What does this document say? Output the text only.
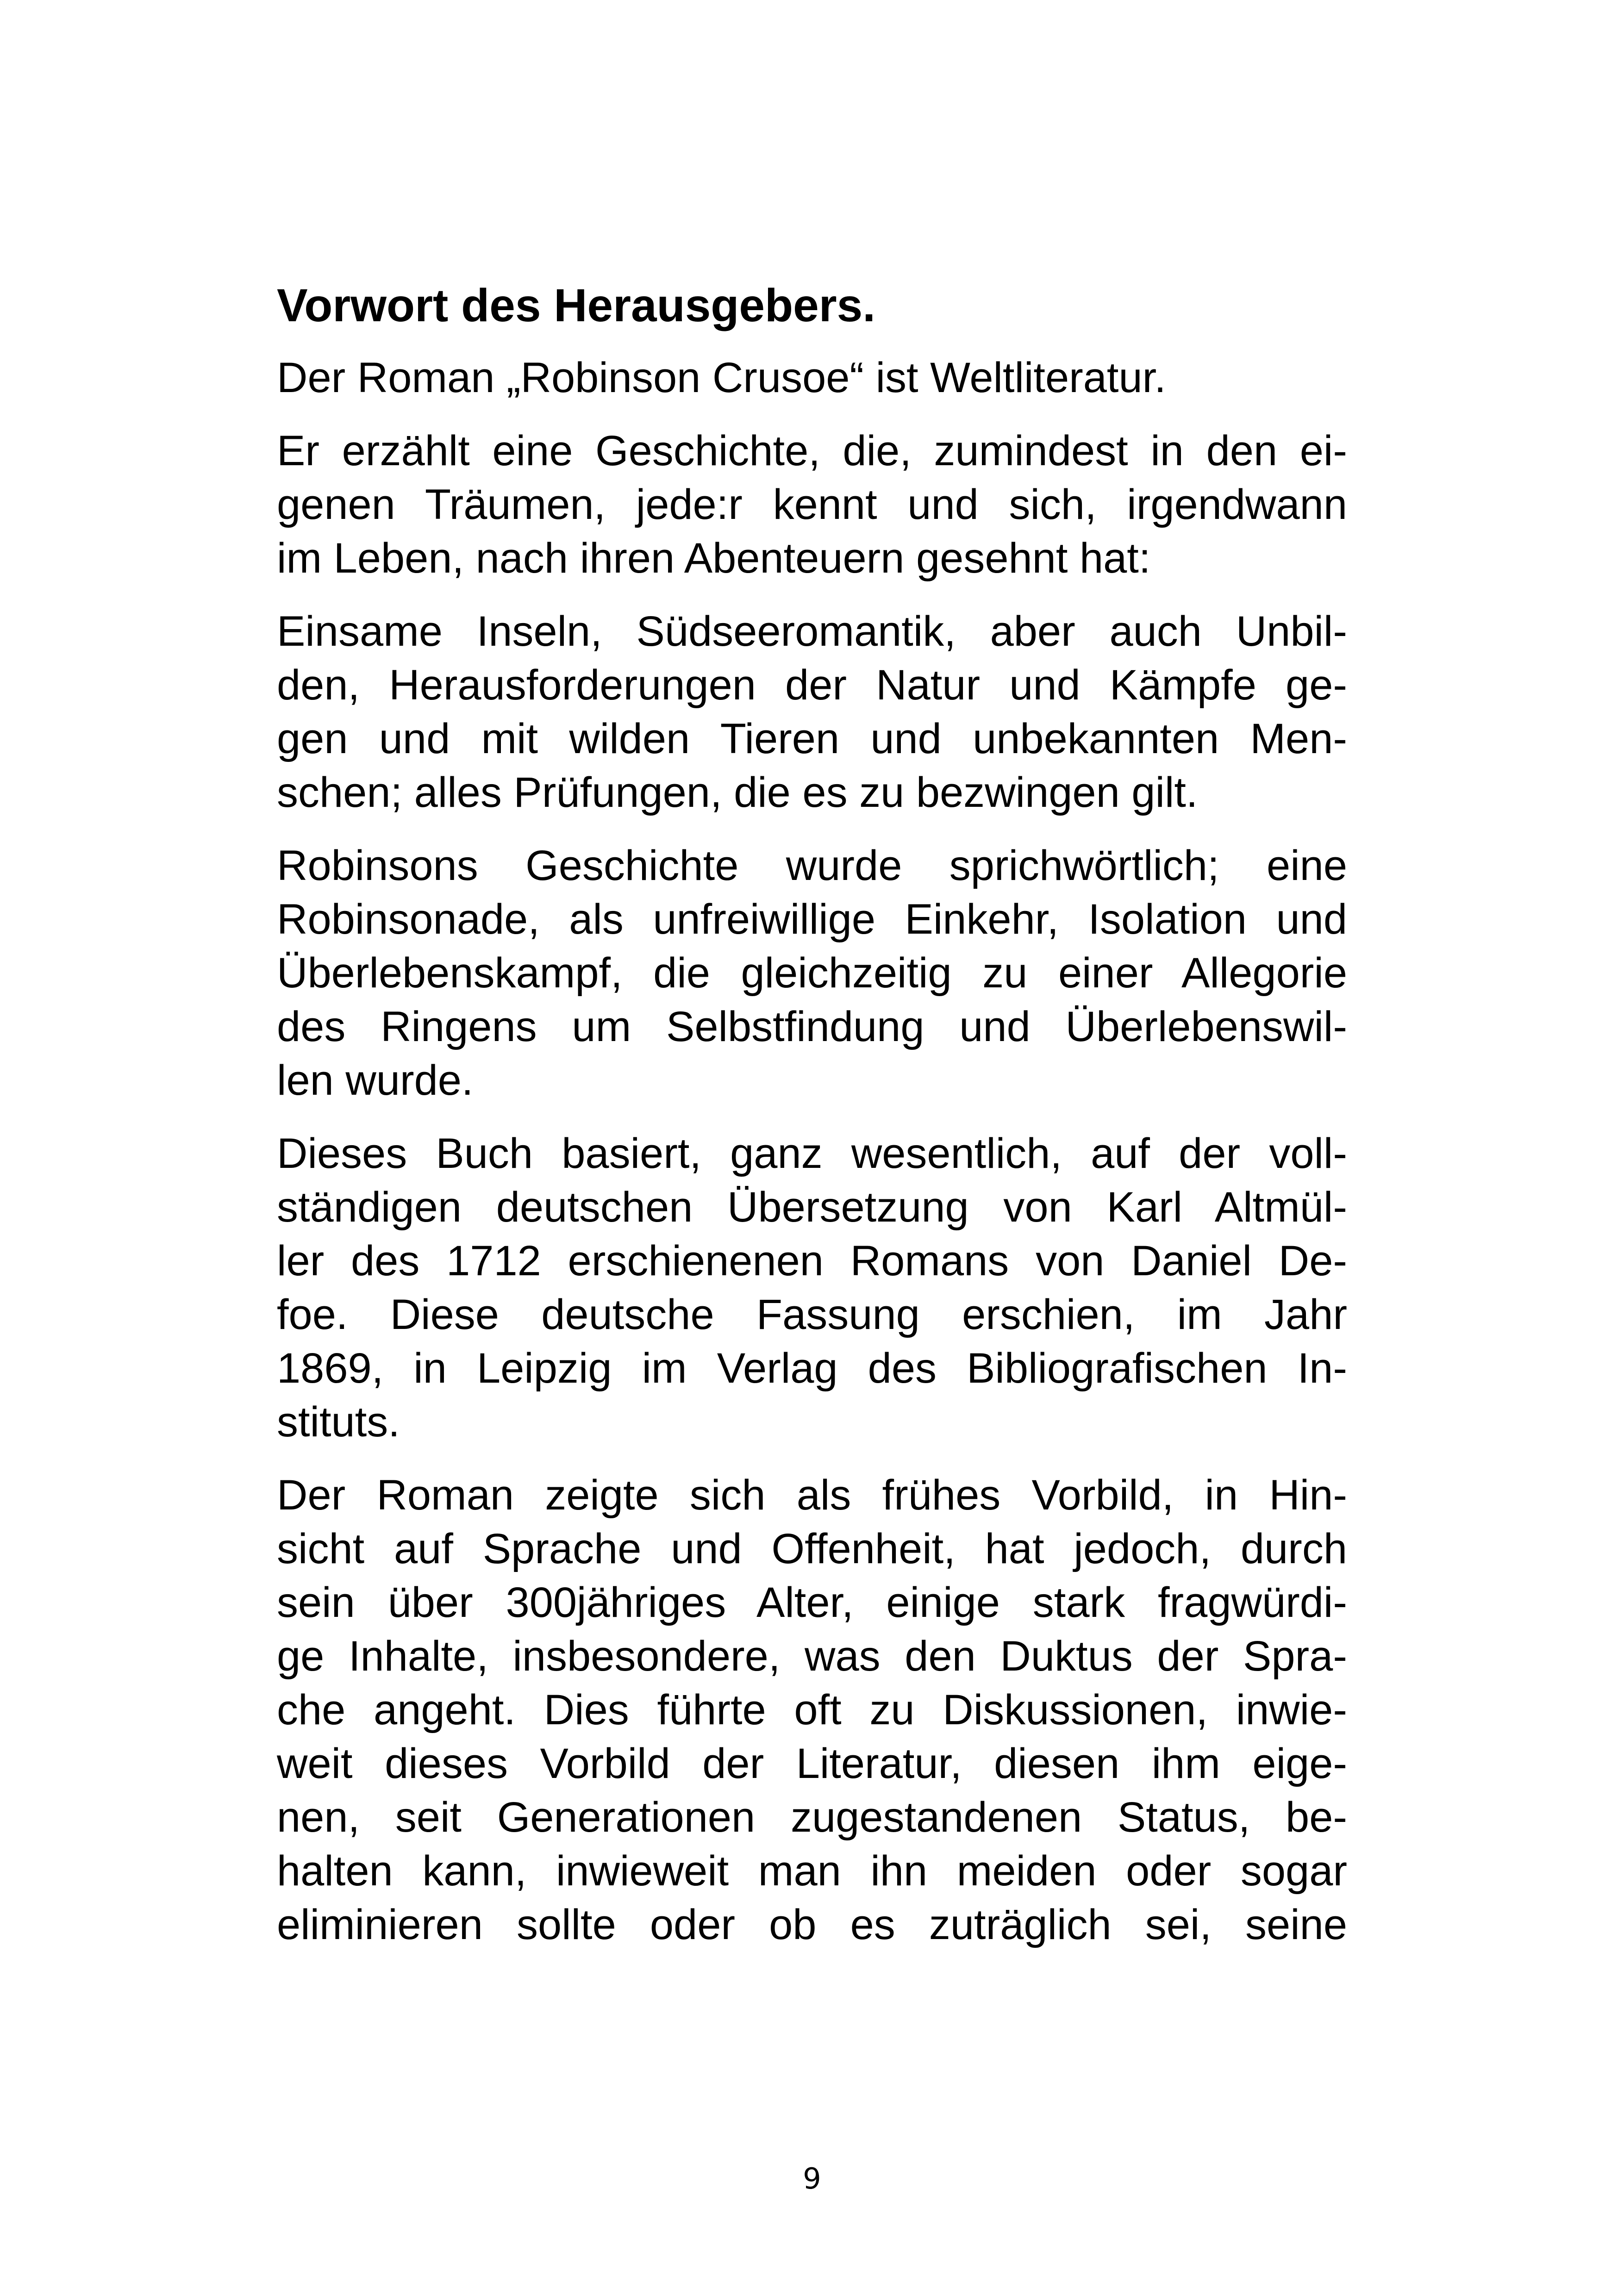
Vorwort des Herausgebers.
Der Roman „Robinson Crusoe“ ist Weltliteratur.
Er erzählt eine Geschichte, die, zumindest in den ei-
genen Träumen, jede:r kennt und sich, irgendwann
im Leben, nach ihren Abenteuern gesehnt hat:
Einsame Inseln, Südseeromantik, aber auch Unbil-
den, Herausforderungen der Natur und Kämpfe ge-
gen und mit wilden Tieren und unbekannten Men-
schen; alles Prüfungen, die es zu bezwingen gilt.
Robinsons Geschichte wurde sprichwörtlich; eine
Robinsonade, als unfreiwillige Einkehr, Isolation und
Überlebenskampf, die gleichzeitig zu einer Allegorie
des Ringens um Selbstfindung und Überlebenswil-
len wurde.
Dieses Buch basiert, ganz wesentlich, auf der voll-
ständigen deutschen Übersetzung von Karl Altmül-
ler des 1712 erschienenen Romans von Daniel De-
foe. Diese deutsche Fassung erschien, im Jahr
1869, in Leipzig im Verlag des Bibliografischen In-
stituts.
Der Roman zeigte sich als frühes Vorbild, in Hin-
sicht auf Sprache und Offenheit, hat jedoch, durch
sein über 300jähriges Alter, einige stark fragwürdi-
ge Inhalte, insbesondere, was den Duktus der Spra-
che angeht. Dies führte oft zu Diskussionen, inwie-
weit dieses Vorbild der Literatur, diesen ihm eige-
nen, seit Generationen zugestandenen Status, be-
halten kann, inwieweit man ihn meiden oder sogar
eliminieren sollte oder ob es zuträglich sei, seine
9
